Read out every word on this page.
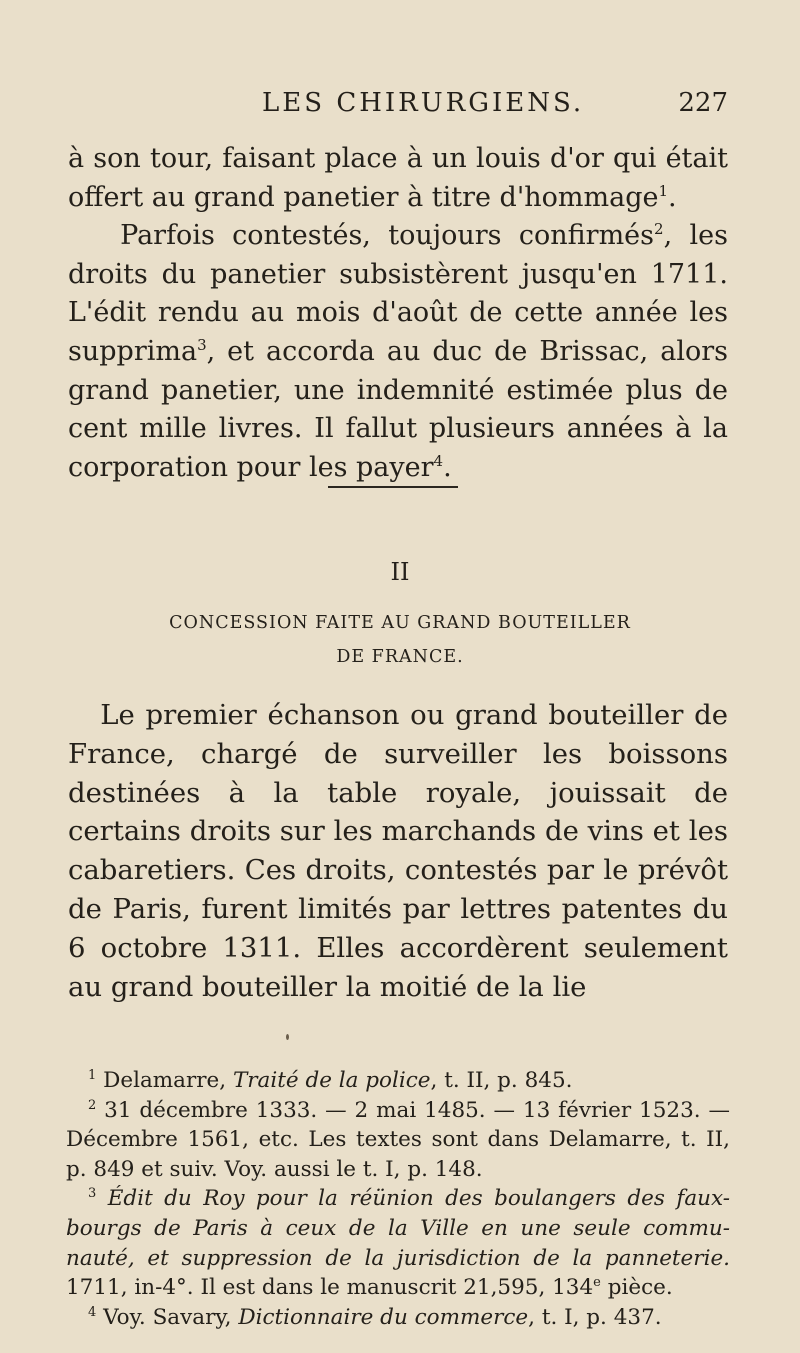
LES CHIRURGIENS.	227

à son tour, faisant place à un louis d'or qui était offert au grand panetier à titre d'hommage$^1$.

Parfois contestés, toujours confirmés$^2$, les droits du panetier subsistèrent jusqu'en 1711. L'édit rendu au mois d'août de cette année les supprima$^3$, et accorda au duc de Brissac, alors grand panetier, une indemnité estimée plus de cent mille livres. Il fallut plusieurs années à la corporation pour les payer$^4$.

II
CONCESSION FAITE AU GRAND BOUTEILLER
DE FRANCE.

Le premier échanson ou grand bouteiller de France, chargé de surveiller les boissons destinées à la table royale, jouissait de certains droits sur les marchands de vins et les cabaretiers. Ces droits, contestés par le prévôt de Paris, furent limités par lettres patentes du 6 octobre 1311. Elles accordèrent seulement au grand bouteiller la moitié de la lie

$^1$ Delamarre, Traité de la police, t. II, p. 845.

$^2$ 31 décembre 1333. — 2 mai 1485. — 13 février 1523. — Décembre 1561, etc. Les textes sont dans Delamarre, t. II, p. 849 et suiv. Voy. aussi le t. I, p. 148.

$^3$ Édit du Roy pour la réünion des boulangers des faux-bourgs de Paris à ceux de la Ville en une seule commu-nauté, et suppression de la jurisdiction de la panneterie. 1711, in-4°. Il est dans le manuscrit 21,595, 134e pièce.

$^4$ Voy. Savary, Dictionnaire du commerce, t. I, p. 437.
